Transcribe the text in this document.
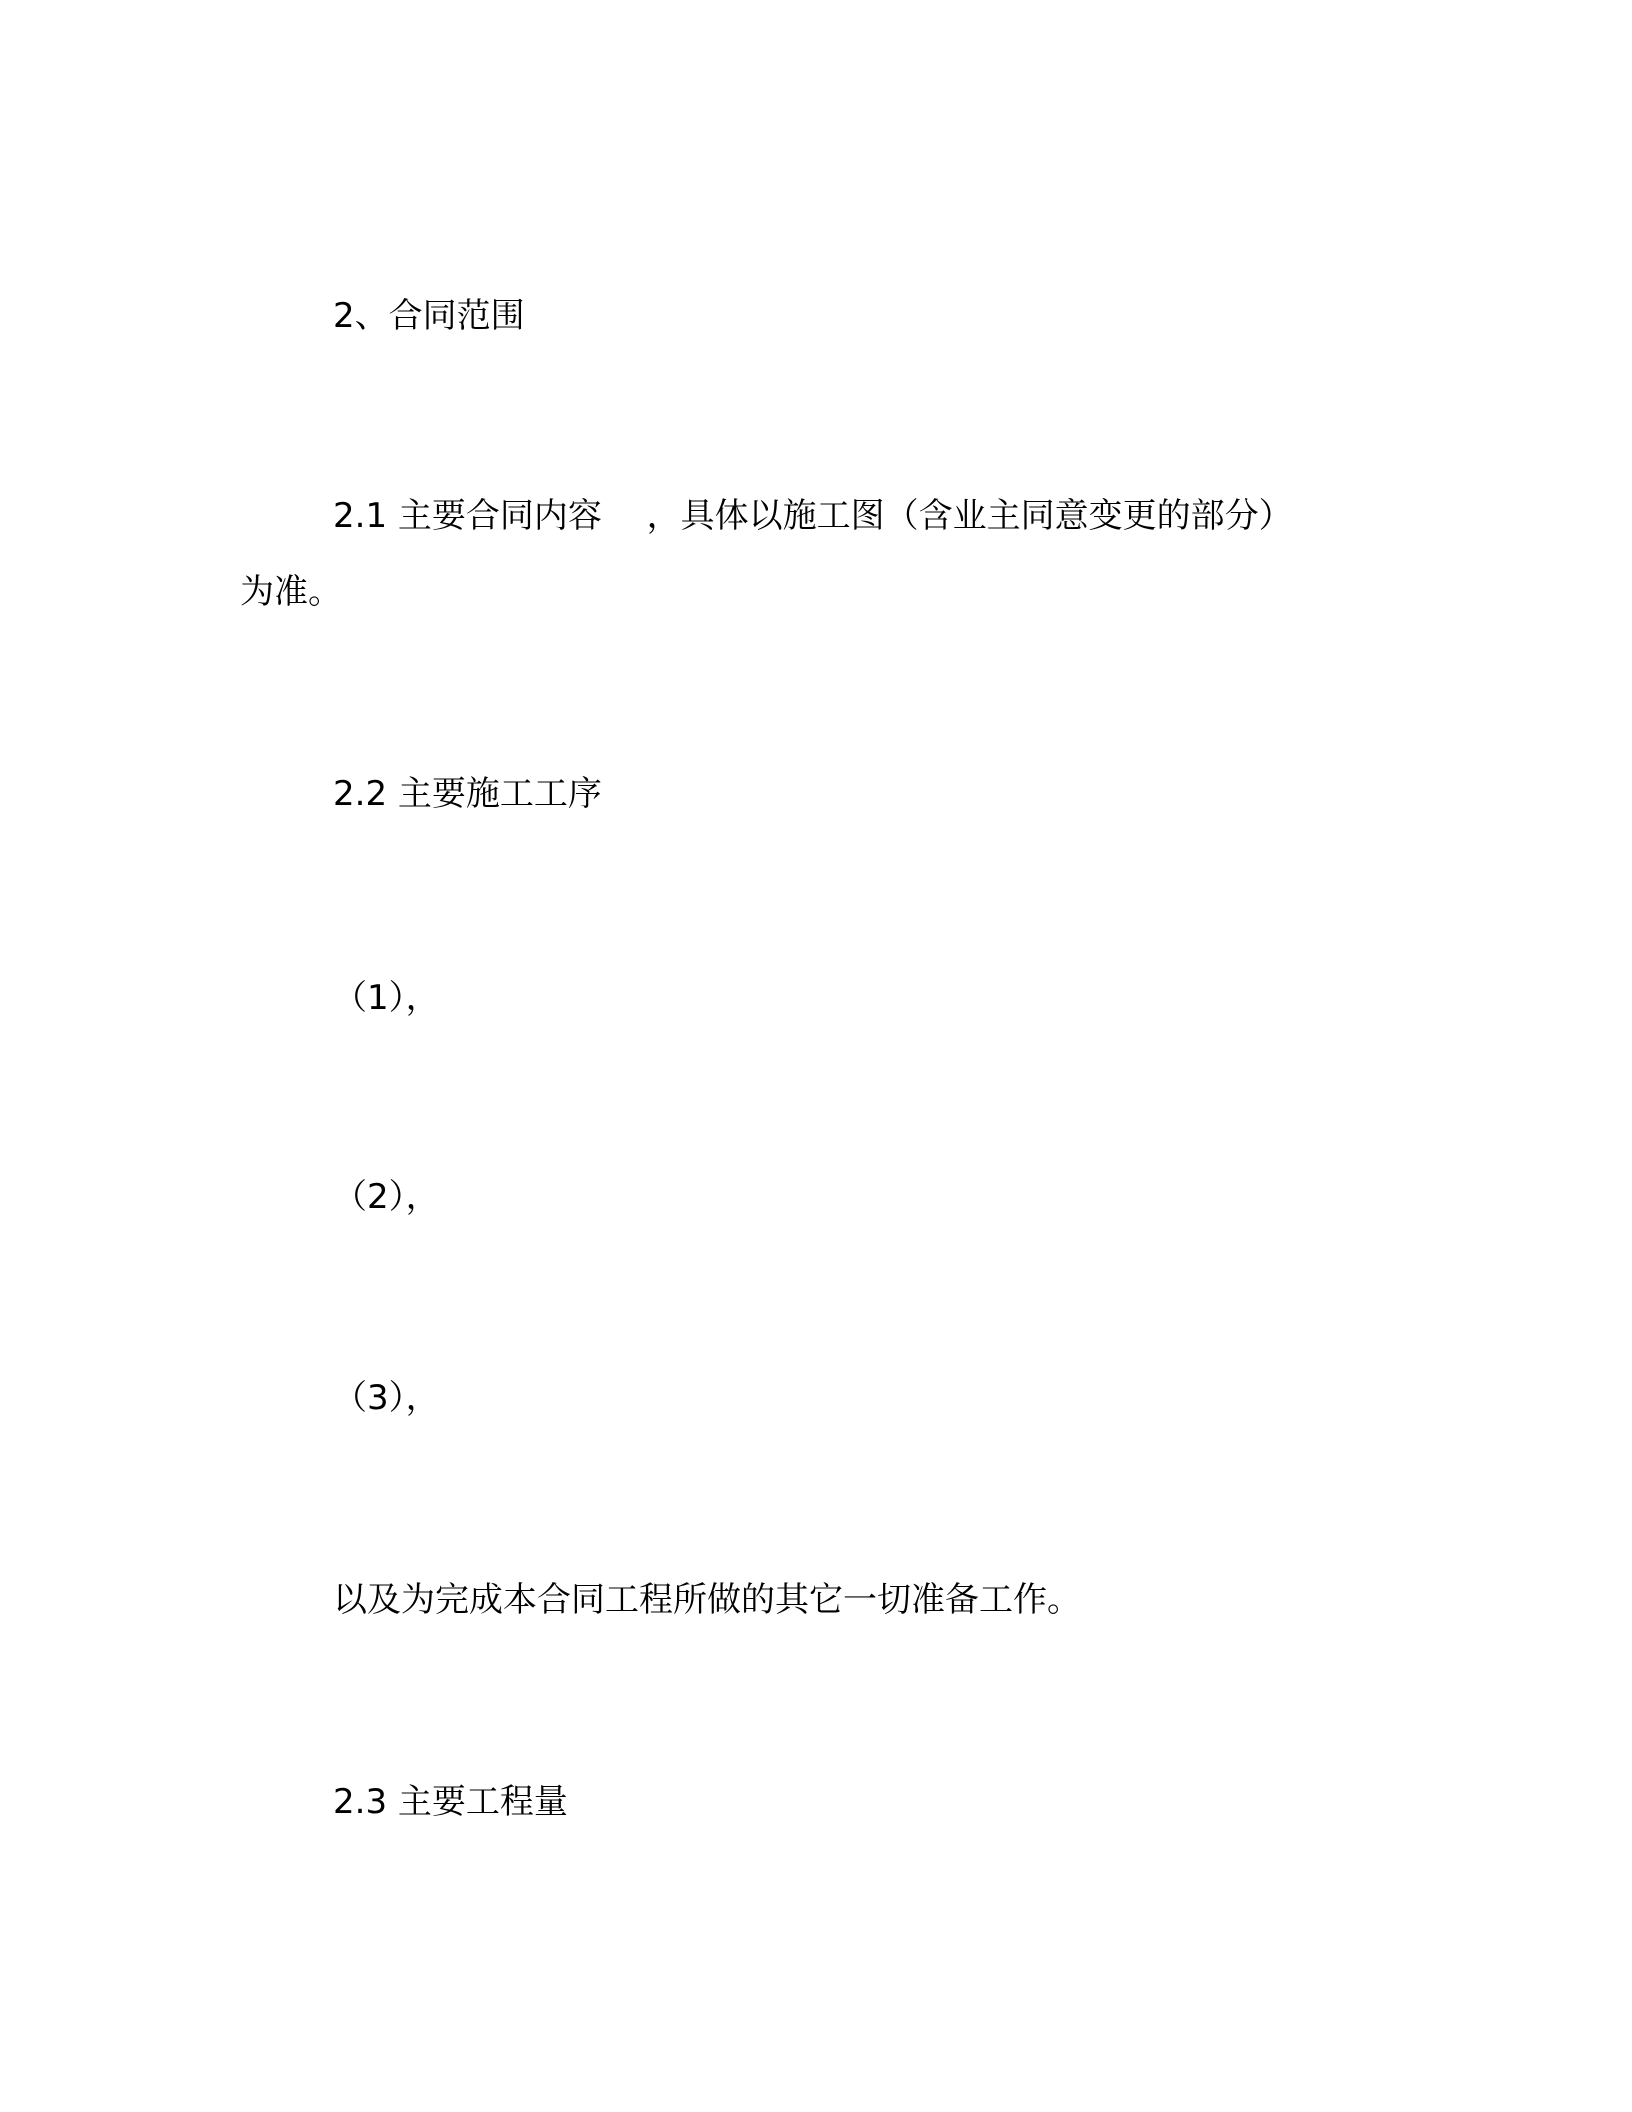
2、合同范围
2.1 主要合同内容　 ，具体以施工图（含业主同意变更的部分）
为准。
2.2 主要施工工序
（1），
（2），
（3），
以及为完成本合同工程所做的其它一切准备工作。
2.3 主要工程量
